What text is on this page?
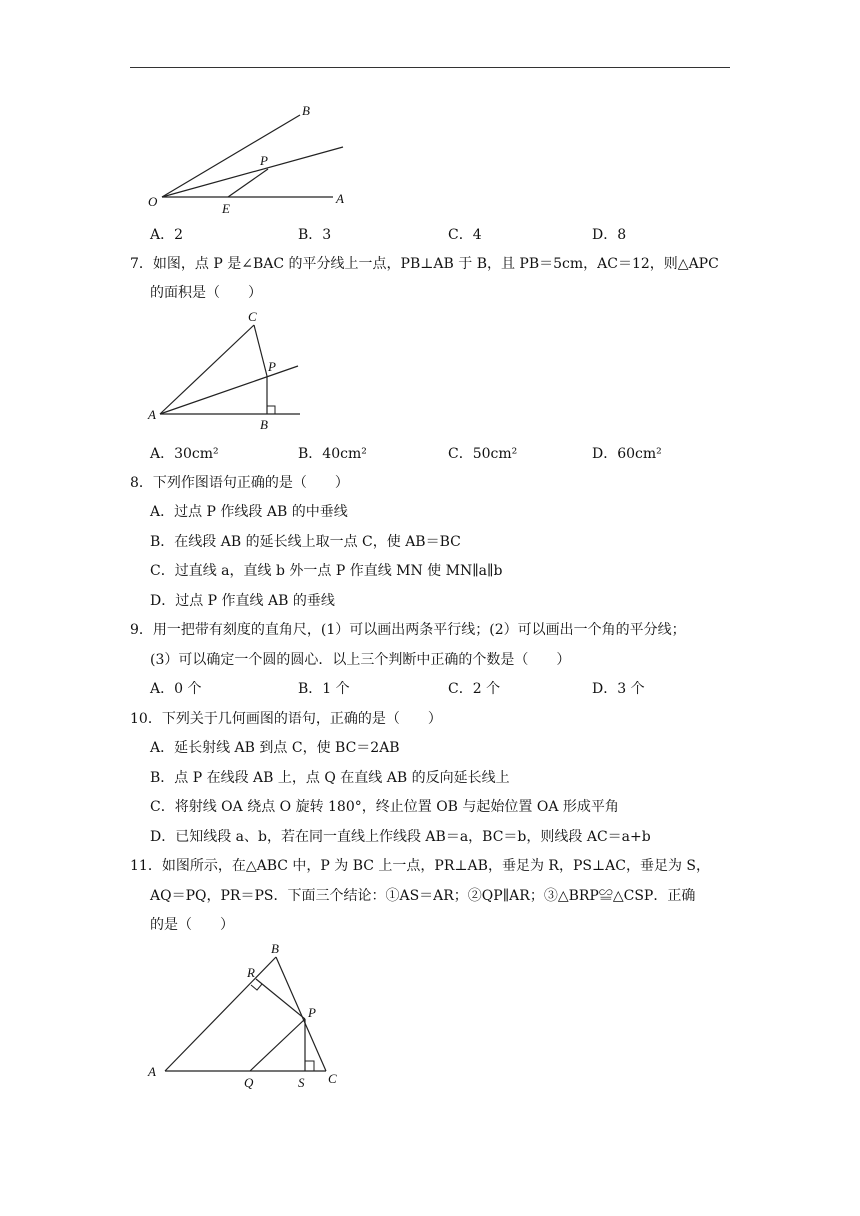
B
P
O	E
A
A．2	B．3	C．4	D．8
7．如图，点 P 是∠BAC 的平分线上一点，PB⊥AB 于 B，且 PB＝5cm，AC＝12，则△APC
的面积是（　　）
C
P
A
B
A．30cm²	B．40cm²	C．50cm²	D．60cm²
8．下列作图语句正确的是（　　）
A．过点 P 作线段 AB 的中垂线
B．在线段 AB 的延长线上取一点 C，使 AB＝BC
C．过直线 a，直线 b 外一点 P 作直线 MN 使 MN∥a∥b
D．过点 P 作直线 AB 的垂线
9．用一把带有刻度的直角尺，(1）可以画出两条平行线；(2）可以画出一个角的平分线；
(3）可以确定一个圆的圆心．以上三个判断中正确的个数是（　　）
A．0 个	B．1 个	C．2 个	D．3 个
10．下列关于几何画图的语句，正确的是（　　）
A．延长射线 AB 到点 C，使 BC＝2AB
B．点 P 在线段 AB 上，点 Q 在直线 AB 的反向延长线上
C．将射线 OA 绕点 O 旋转 180°，终止位置 OB 与起始位置 OA 形成平角
D．已知线段 a、b，若在同一直线上作线段 AB＝a，BC＝b，则线段 AC＝a+b
11．如图所示，在△ABC 中，P 为 BC 上一点，PR⊥AB，垂足为 R，PS⊥AC，垂足为 S，
AQ＝PQ，PR＝PS．下面三个结论：①AS＝AR；②QP∥AR；③△BRP≌△CSP．正确
的是（　　）
B
R
P
A
Q	S C
